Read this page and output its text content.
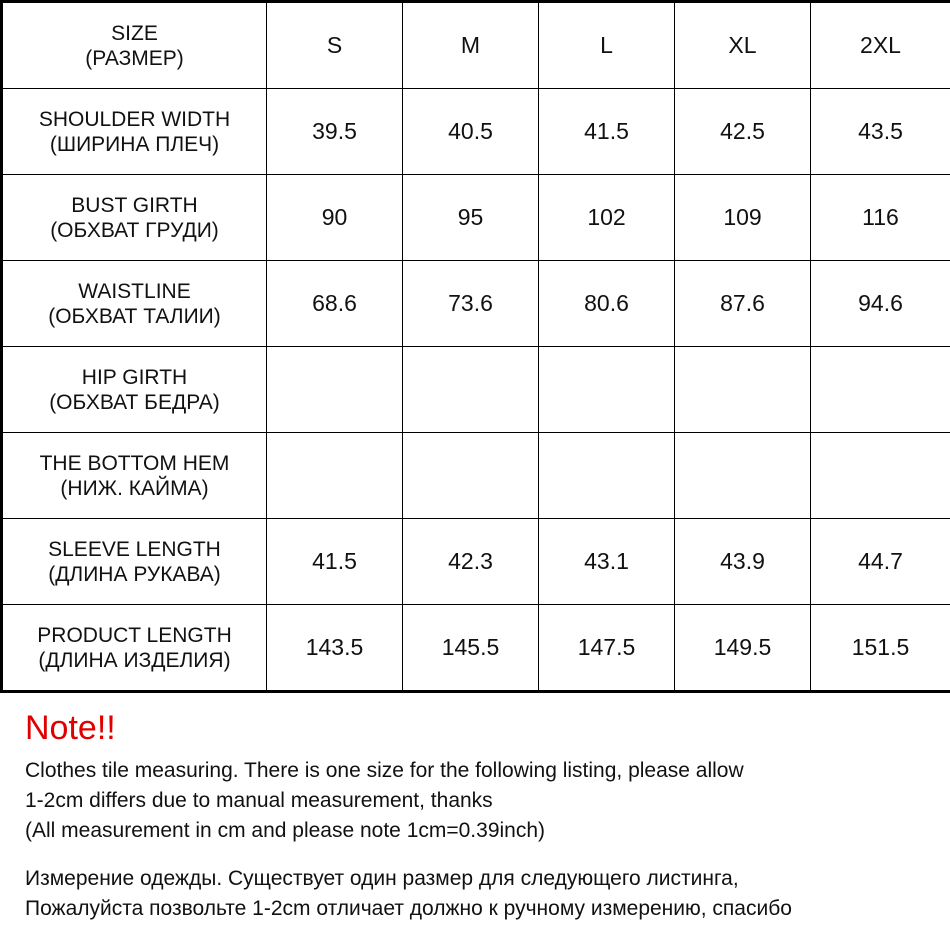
SIZE
(РАЗМЕР)	S	M	L	XL	2XL

SHOULDER WIDTH
(ШИРИНА ПЛЕЧ)	39.5	40.5	41.5	42.5	43.5

BUST GIRTH
(ОБХВАТ ГРУДИ)	90	95	102	109	116

WAISTLINE
(ОБХВАТ ТАЛИИ)	68.6	73.6	80.6	87.6	94.6

HIP GIRTH
(ОБХВАТ БЕДРА)					

THE BOTTOM HEM
(НИЖ. КАЙМА)					

SLEEVE LENGTH
(ДЛИНА РУКАВА)	41.5	42.3	43.1	43.9	44.7

PRODUCT LENGTH
(ДЛИНА ИЗДЕЛИЯ)	143.5	145.5	147.5	149.5	151.5
Note!!
Clothes tile measuring. There is one size for the following listing, please allow
1-2cm differs due to manual measurement, thanks
(All measurement in cm and please note 1cm=0.39inch)
Измерение одежды. Существует один размер для следующего листинга,
Пожалуйста позвольте 1-2cm отличает должно к ручному измерению, спасибо
